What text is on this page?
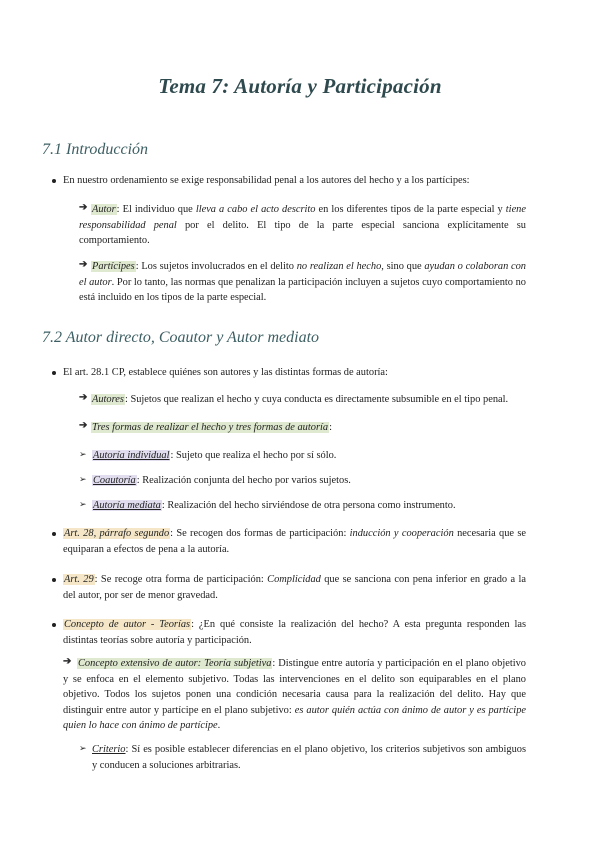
Tema 7: Autoría y Participación
7.1 Introducción
En nuestro ordenamiento se exige responsabilidad penal a los autores del hecho y a los partícipes:
➔ Autor: El individuo que lleva a cabo el acto descrito en los diferentes tipos de la parte especial y tiene responsabilidad penal por el delito. El tipo de la parte especial sanciona explícitamente su comportamiento.
➔ Partícipes: Los sujetos involucrados en el delito no realizan el hecho, sino que ayudan o colaboran con el autor. Por lo tanto, las normas que penalizan la participación incluyen a sujetos cuyo comportamiento no está incluido en los tipos de la parte especial.
7.2 Autor directo, Coautor y Autor mediato
El art. 28.1 CP, establece quiénes son autores y las distintas formas de autoría:
➔ Autores: Sujetos que realizan el hecho y cuya conducta es directamente subsumible en el tipo penal.
➔ Tres formas de realizar el hecho y tres formas de autoría:
➢ Autoría individual: Sujeto que realiza el hecho por sí sólo.
➢ Coautoría: Realización conjunta del hecho por varios sujetos.
➢ Autoría mediata: Realización del hecho sirviéndose de otra persona como instrumento.
Art. 28, párrafo segundo: Se recogen dos formas de participación: inducción y cooperación necesaria que se equiparan a efectos de pena a la autoría.
Art. 29: Se recoge otra forma de participación: Complicidad que se sanciona con pena inferior en grado a la del autor, por ser de menor gravedad.
Concepto de autor - Teorías: ¿En qué consiste la realización del hecho? A esta pregunta responden las distintas teorías sobre autoría y participación.
➔ Concepto extensivo de autor: Teoría subjetiva: Distingue entre autoría y participación en el plano objetivo y se enfoca en el elemento subjetivo. Todas las intervenciones en el delito son equiparables en el plano objetivo. Todos los sujetos ponen una condición necesaria causa para la realización del delito. Hay que distinguir entre autor y partícipe en el plano subjetivo: es autor quién actúa con ánimo de autor y es partícipe quien lo hace con ánimo de partícipe.
➢ Criterio: Sí es posible establecer diferencias en el plano objetivo, los criterios subjetivos son ambiguos y conducen a soluciones arbitrarias.
